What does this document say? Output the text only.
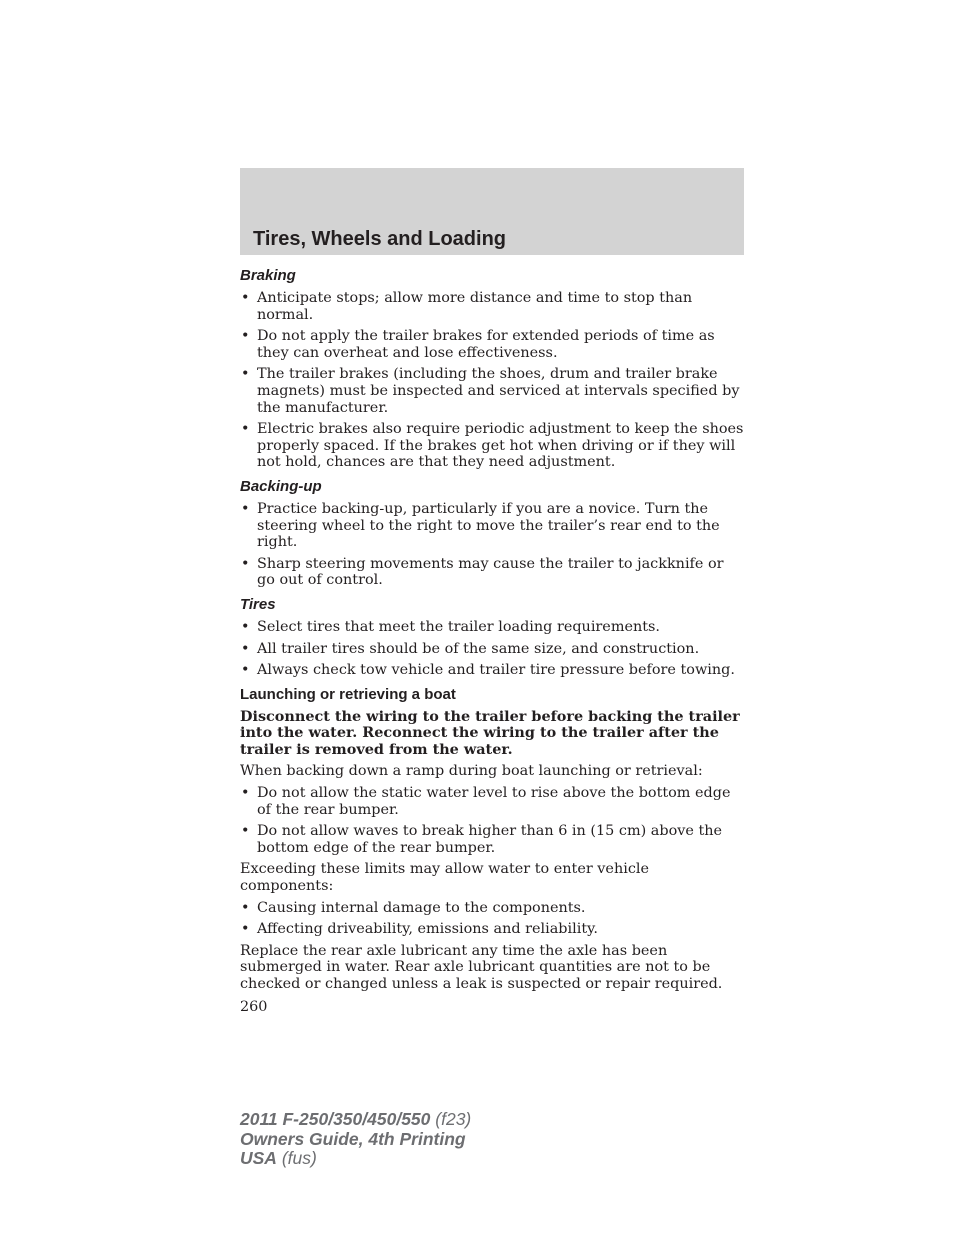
Tires, Wheels and Loading
Braking
• Anticipate stops; allow more distance and time to stop than normal.
• Do not apply the trailer brakes for extended periods of time as they can overheat and lose effectiveness.
• The trailer brakes (including the shoes, drum and trailer brake magnets) must be inspected and serviced at intervals specified by the manufacturer.
• Electric brakes also require periodic adjustment to keep the shoes properly spaced. If the brakes get hot when driving or if they will not hold, chances are that they need adjustment.
Backing-up
• Practice backing-up, particularly if you are a novice. Turn the steering wheel to the right to move the trailer’s rear end to the right.
• Sharp steering movements may cause the trailer to jackknife or go out of control.
Tires
• Select tires that meet the trailer loading requirements.
• All trailer tires should be of the same size, and construction.
• Always check tow vehicle and trailer tire pressure before towing.
Launching or retrieving a boat

Disconnect the wiring to the trailer before backing the trailer into the water. Reconnect the wiring to the trailer after the trailer is removed from the water.

When backing down a ramp during boat launching or retrieval:

• Do not allow the static water level to rise above the bottom edge of the rear bumper.
• Do not allow waves to break higher than 6 in (15 cm) above the bottom edge of the rear bumper.

Exceeding these limits may allow water to enter vehicle components:

• Causing internal damage to the components.
• Affecting driveability, emissions and reliability.

Replace the rear axle lubricant any time the axle has been submerged in water. Rear axle lubricant quantities are not to be checked or changed unless a leak is suspected or repair required.

260
2011 F-250/350/450/550 (f23)
Owners Guide, 4th Printing
USA (fus)
